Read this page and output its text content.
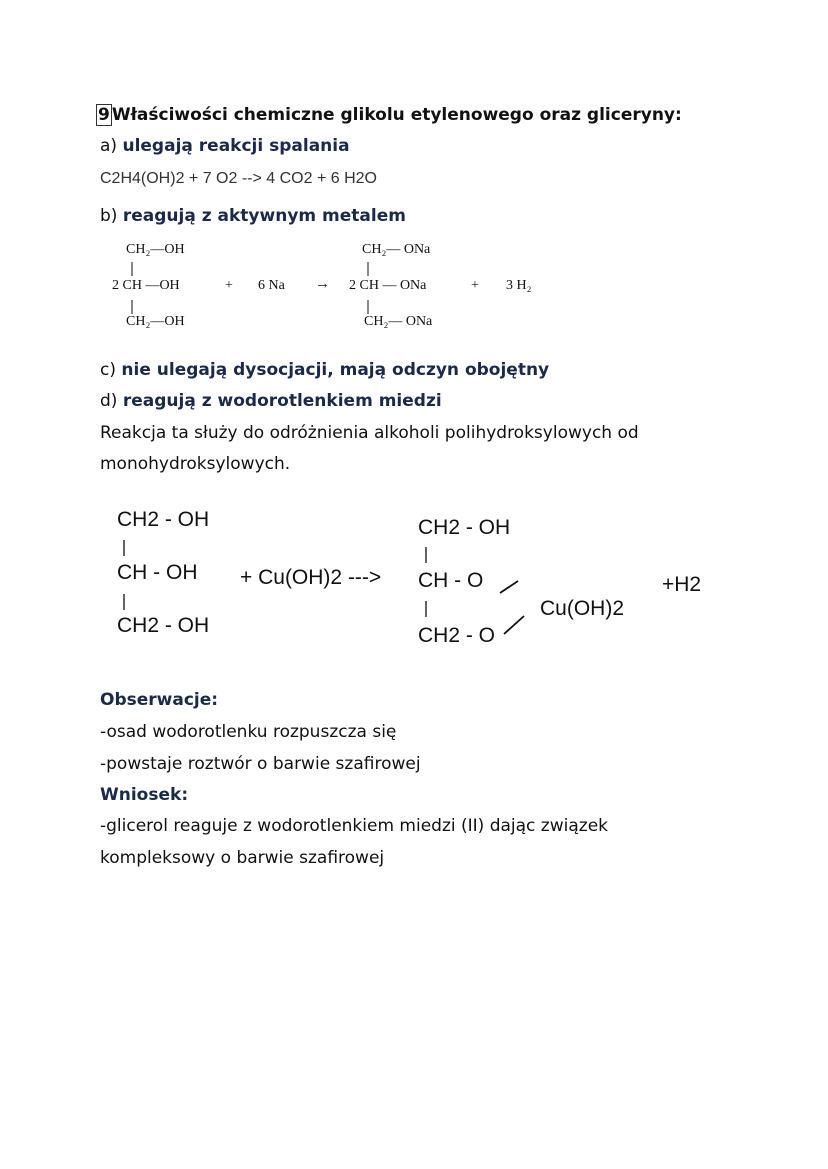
9 Właściwości chemiczne glikolu etylenowego oraz gliceryny:
a) ulegają reakcji spalania
C2H4(OH)2 + 7 O2 --> 4 CO2 + 6 H2O
b) reagują z aktywnym metalem
CH₂—OH
2 CH —OH
CH₂—OH
+ 6 Na →
CH₂— ONa
2 CH — ONa
CH₂— ONa
+ 3 H₂
c) nie ulegają dysocjacji, mają odczyn obojętny
d) reagują z wodorotlenkiem miedzi
Reakcja ta służy do odróżnienia alkoholi polihydroksylowych od
monohydroksylowych.
CH2 - OH
CH - OH
CH2 - OH
+ Cu(OH)2 --->
CH2 - OH
CH - O
CH2 - O
Cu(OH)2
+H2
Obserwacje:
-osad wodorotlenku rozpuszcza się
-powstaje roztwór o barwie szafirowej
Wniosek:
-glicerol reaguje z wodorotlenkiem miedzi (II) dając związek
kompleksowy o barwie szafirowej
